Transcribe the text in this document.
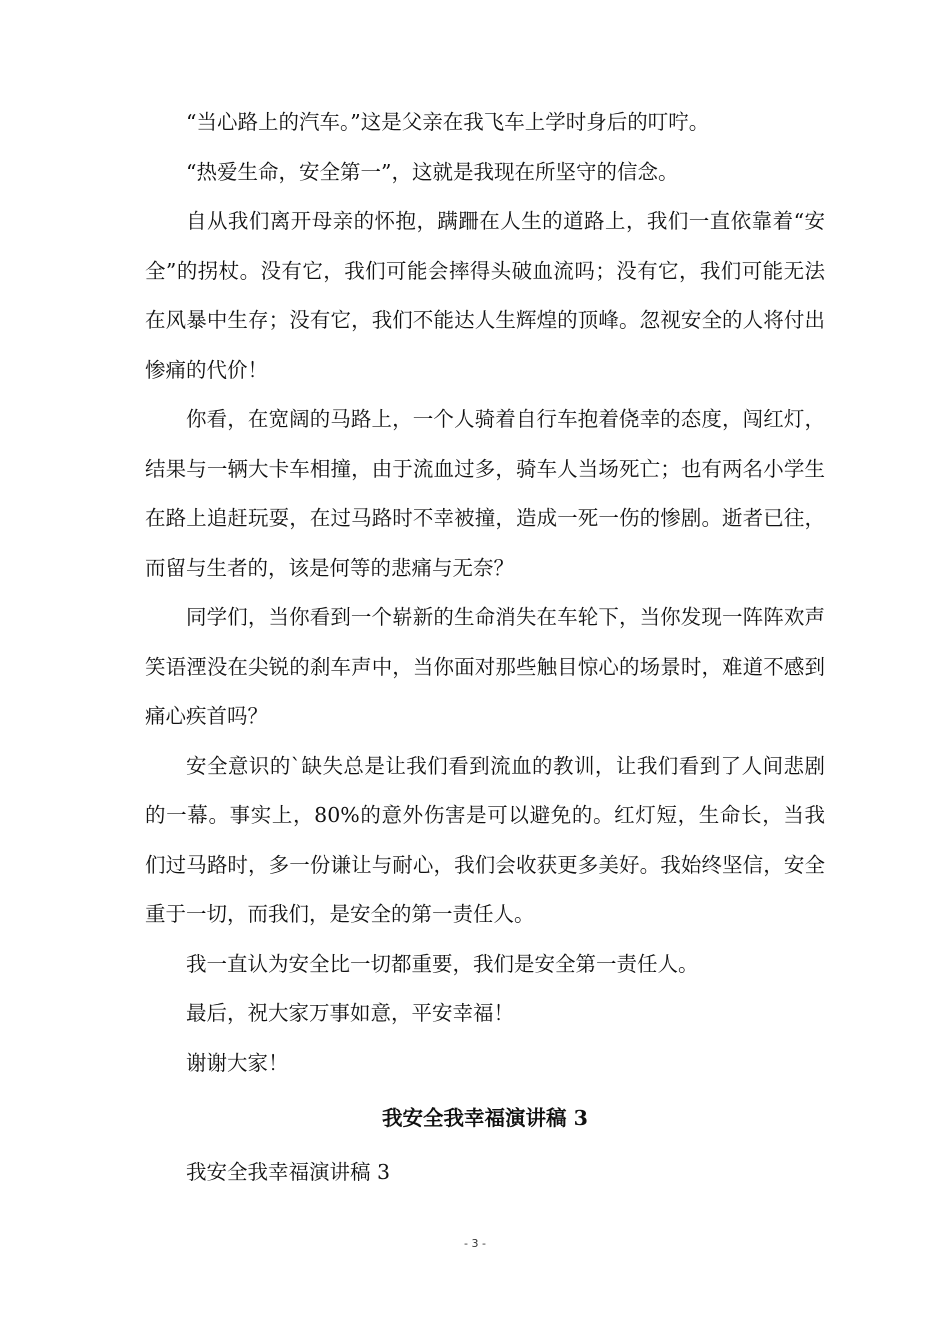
“当心路上的汽车。”这是父亲在我飞车上学时身后的叮咛。

“热爱生命，安全第一”，这就是我现在所坚守的信念。

自从我们离开母亲的怀抱，蹒跚在人生的道路上，我们一直依靠着“安全”的拐杖。没有它，我们可能会摔得头破血流吗；没有它，我们可能无法在风暴中生存；没有它，我们不能达人生辉煌的顶峰。忽视安全的人将付出惨痛的代价！

你看，在宽阔的马路上，一个人骑着自行车抱着侥幸的态度，闯红灯，结果与一辆大卡车相撞，由于流血过多，骑车人当场死亡；也有两名小学生在路上追赶玩耍，在过马路时不幸被撞，造成一死一伤的惨剧。逝者已往，而留与生者的，该是何等的悲痛与无奈？

同学们，当你看到一个崭新的生命消失在车轮下，当你发现一阵阵欢声笑语湮没在尖锐的刹车声中，当你面对那些触目惊心的场景时，难道不感到痛心疾首吗？

安全意识的`缺失总是让我们看到流血的教训，让我们看到了人间悲剧的一幕。事实上，80%的意外伤害是可以避免的。红灯短，生命长，当我们过马路时，多一份谦让与耐心，我们会收获更多美好。我始终坚信，安全重于一切，而我们，是安全的第一责任人。

我一直认为安全比一切都重要，我们是安全第一责任人。

最后，祝大家万事如意，平安幸福！

谢谢大家！

我安全我幸福演讲稿 3

我安全我幸福演讲稿 3

- 3 -
